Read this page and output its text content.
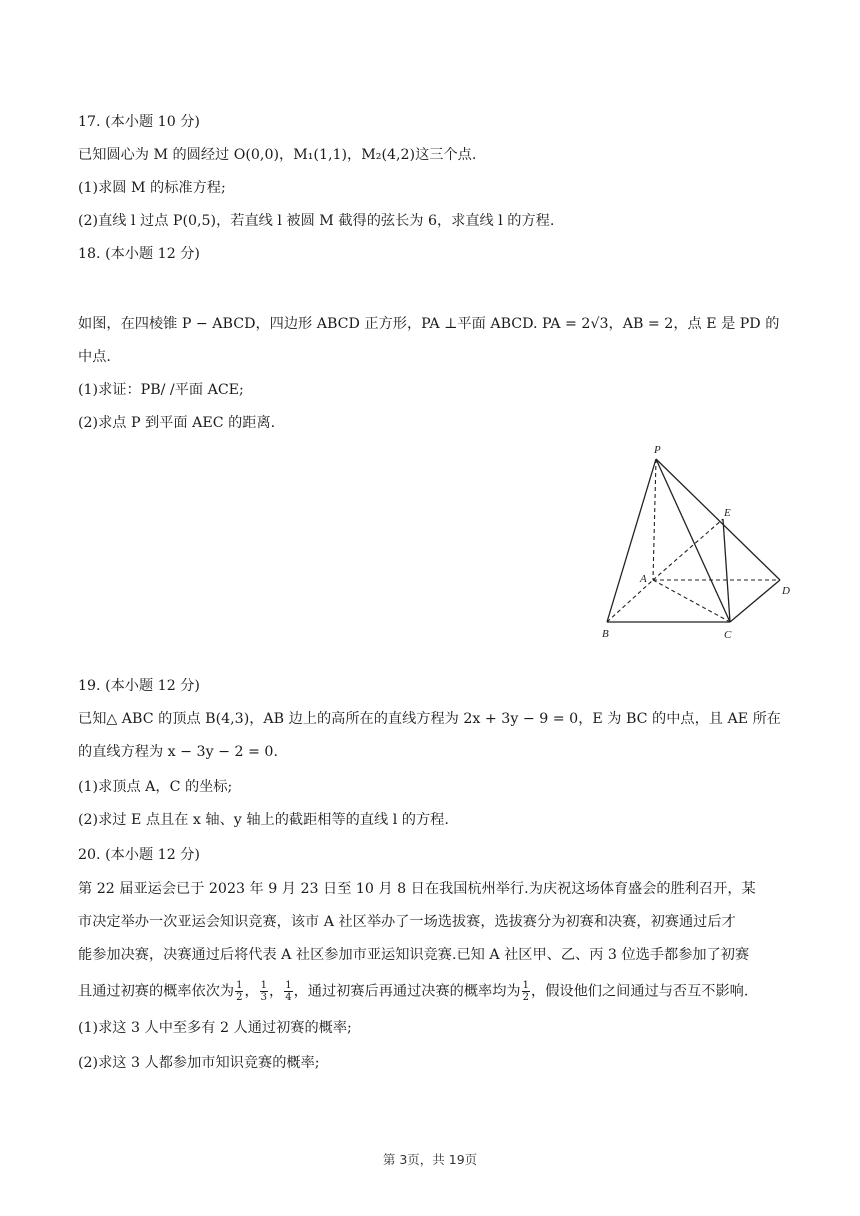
17. (本小题 10 分)
已知圆心为 M 的圆经过 O(0,0)，M₁(1,1)，M₂(4,2)这三个点.
(1)求圆 M 的标准方程;
(2)直线 l 过点 P(0,5)，若直线 l 被圆 M 截得的弦长为 6，求直线 l 的方程.
18. (本小题 12 分)
如图，在四棱锥 P − ABCD，四边形 ABCD 正方形，PA ⊥平面 ABCD. PA = 2√3，AB = 2，点 E 是 PD 的
中点.
(1)求证：PB/ /平面 ACE;
(2)求点 P 到平面 AEC 的距离.
P
E
A
D
B	C
19. (本小题 12 分)
已知△ ABC 的顶点 B(4,3)，AB 边上的高所在的直线方程为 2x + 3y − 9 = 0，E 为 BC 的中点，且 AE 所在
的直线方程为 x − 3y − 2 = 0.
(1)求顶点 A，C 的坐标;
(2)求过 E 点且在 x 轴、y 轴上的截距相等的直线 l 的方程.
20. (本小题 12 分)
第 22 届亚运会已于 2023 年 9 月 23 日至 10 月 8 日在我国杭州举行.为庆祝这场体育盛会的胜利召开，某
市决定举办一次亚运会知识竞赛，该市 A 社区举办了一场选拔赛，选拔赛分为初赛和决赛，初赛通过后才
能参加决赛，决赛通过后将代表 A 社区参加市亚运知识竞赛.已知 A 社区甲、乙、丙 3 位选手都参加了初赛
且通过初赛的概率依次为 $\frac{1}{2}$ ， $\frac{1}{3}$ ， $\frac{1}{4}$ ，通过初赛后再通过决赛的概率均为 $\frac{1}{2}$ ，假设他们之间通过与否互不影响.
(1)求这 3 人中至多有 2 人通过初赛的概率;
(2)求这 3 人都参加市知识竞赛的概率;
第 3页，共 19页
